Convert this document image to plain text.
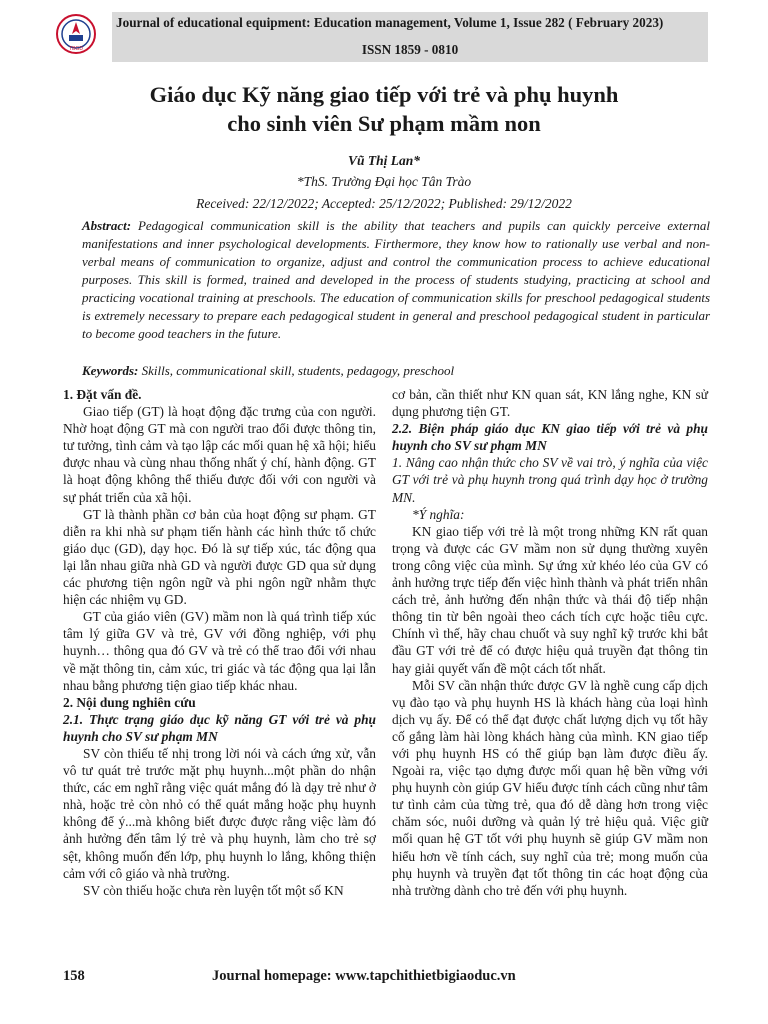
Journal of educational equipment: Education management, Volume 1, Issue 282 ( February 2023)
ISSN 1859 - 0810
TBGD
Giáo dục Kỹ năng giao tiếp với trẻ và phụ huynh
cho sinh viên Sư phạm mầm non
Vũ Thị Lan*
*ThS. Trường Đại học Tân Trào
Received: 22/12/2022; Accepted: 25/12/2022; Published: 29/12/2022
Abstract: Pedagogical communication skill is the ability that teachers and pupils can quickly perceive external manifestations and inner psychological developments. Firthermore, they know how to rationally use verbal and non-verbal means of communication to organize, adjust and control the communication process to achieve educational purposes. This skill is formed, trained and developed in the process of students studying, practicing at school and practicing vocational training at preschools. The education of communication skills for preschool pedagogical students is extremely necessary to prepare each pedagogical student in general and preschool pedagogical student in particular to become good teachers in the future.
Keywords: Skills, communicational skill, students, pedagogy, preschool
1. Đặt vấn đề.

Giao tiếp (GT) là hoạt động đặc trưng của con người. Nhờ hoạt động GT mà con người trao đổi được thông tin, tư tưởng, tình cảm và tạo lập các mối quan hệ xã hội; hiểu được nhau và cùng nhau thống nhất ý chí, hành động. GT là hoạt động không thể thiếu được đối với con người và sự phát triển của xã hội.

GT là thành phần cơ bản của hoạt động sư phạm. GT diễn ra khi nhà sư phạm tiến hành các hình thức tổ chức giáo dục (GD), dạy học. Đó là sự tiếp xúc, tác động qua lại lẫn nhau giữa nhà GD và người được GD qua sử dụng các phương tiện ngôn ngữ và phi ngôn ngữ nhằm thực hiện các nhiệm vụ GD.

GT của giáo viên (GV) mầm non là quá trình tiếp xúc tâm lý giữa GV và trẻ, GV với đồng nghiệp, với phụ huynh… thông qua đó GV và trẻ có thể trao đổi với nhau về mặt thông tin, cảm xúc, tri giác và tác động qua lại lẫn nhau bằng phương tiện giao tiếp khác nhau.

2. Nội dung nghiên cứu
2.1. Thực trạng giáo dục kỹ năng GT với trẻ và phụ huynh cho SV sư phạm MN

SV còn thiếu tế nhị trong lời nói và cách ứng xử, vẫn vô tư quát trẻ trước mặt phụ huynh...một phần do nhận thức, các em nghĩ rằng việc quát mắng đó là dạy trẻ như ở nhà, hoặc trẻ còn nhỏ có thể quát mắng hoặc phụ huynh không để ý...mà không biết được được rằng việc làm đó ảnh hưởng đến tâm lý trẻ và phụ huynh, làm cho trẻ sợ sệt, không muốn đến lớp, phụ huynh lo lắng, không thiện cảm với cô giáo và nhà trường.

SV còn thiếu hoặc chưa rèn luyện tốt một số KN

cơ bản, cần thiết như KN quan sát, KN lắng nghe, KN sử dụng phương tiện GT.

2.2. Biện pháp giáo dục KN giao tiếp với trẻ và phụ huynh cho SV sư phạm MN
1. Nâng cao nhận thức cho SV về vai trò, ý nghĩa của việc GT với trẻ và phụ huynh trong quá trình dạy học ở trường MN.
*Ý nghĩa:

KN giao tiếp với trẻ là một trong những KN rất quan trọng và được các GV mầm non sử dụng thường xuyên trong công việc của mình. Sự ứng xử khéo léo của GV có ảnh hưởng trực tiếp đến việc hình thành và phát triển nhân cách trẻ, ảnh hưởng đến nhận thức và thái độ tiếp nhận thông tin từ bên ngoài theo cách tích cực hoặc tiêu cực. Chính vì thế, hãy chau chuốt và suy nghĩ kỹ trước khi bắt đầu GT với trẻ để có được hiệu quả truyền đạt thông tin hay giải quyết vấn đề một cách tốt nhất.

Mỗi SV cần nhận thức được GV là nghề cung cấp dịch vụ đào tạo và phụ huynh HS là khách hàng của loại hình dịch vụ ấy. Để có thể đạt được chất lượng dịch vụ tốt hãy cố gắng làm hài lòng khách hàng của mình. KN giao tiếp với phụ huynh HS có thể giúp bạn làm được điều ấy. Ngoài ra, việc tạo dựng được mối quan hệ bền vững với phụ huynh còn giúp GV hiểu được tính cách cũng như tâm tư tình cảm của từng trẻ, qua đó dễ dàng hơn trong việc chăm sóc, nuôi dưỡng và quản lý trẻ hiệu quả. Việc giữ mối quan hệ GT tốt với phụ huynh sẽ giúp GV mầm non hiểu hơn về tính cách, suy nghĩ của trẻ; mong muốn của phụ huynh và truyền đạt tốt thông tin các hoạt động của nhà trường dành cho trẻ đến với phụ huynh.

158	Journal homepage: www.tapchithietbigiaoduc.vn
